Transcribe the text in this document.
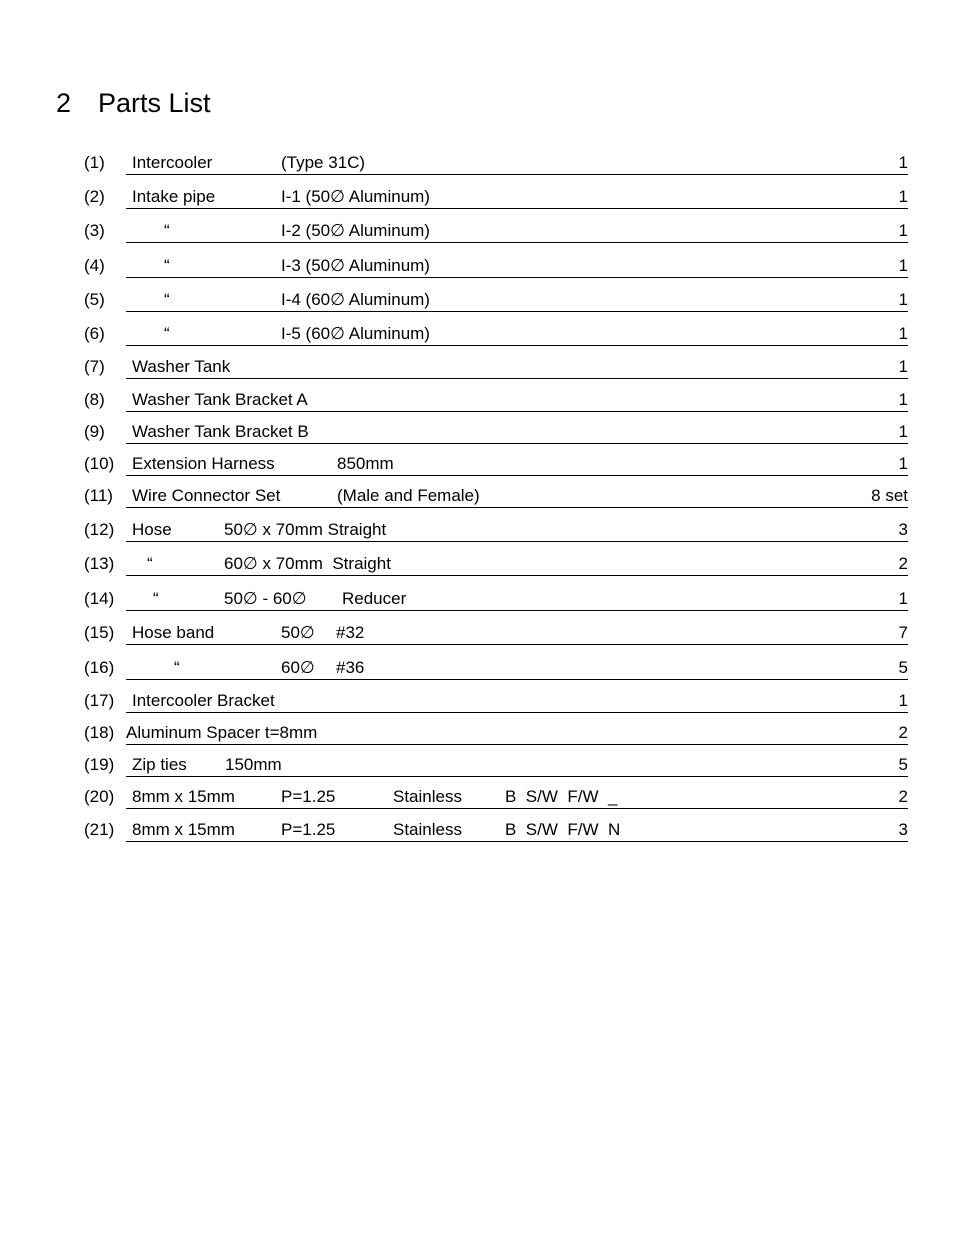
2 Parts List
(1) Intercooler	(Type 31C)	1
(2) Intake pipe	I-1 (50∅ Aluminum)	1
(3)	“	I-2 (50∅ Aluminum)	1
(4)	“	I-3 (50∅ Aluminum)	1
(5)	“	I-4 (60∅ Aluminum)	1
(6)	“	I-5 (60∅ Aluminum)	1
(7) Washer Tank	1
(8) Washer Tank Bracket A	1
(9) Washer Tank Bracket B	1
(10) Extension Harness	850mm	1
(11) Wire Connector Set	(Male and Female)	8 set
(12) Hose	50∅ x 70mm Straight	3
(13) “	60∅ x 70mm  Straight	2
(14) “	50∅ - 60∅ Reducer	1
(15) Hose band	50∅ #32	7
(16)	“	60∅ #36	5
(17) Intercooler Bracket	1
(18) Aluminum Spacer t=8mm	2
(19) Zip ties 150mm	5
(20) 8mm x 15mm	P=1.25	Stainless	B  S/W  F/W  _	2
(21) 8mm x 15mm	P=1.25	Stainless	B  S/W  F/W  N	3
